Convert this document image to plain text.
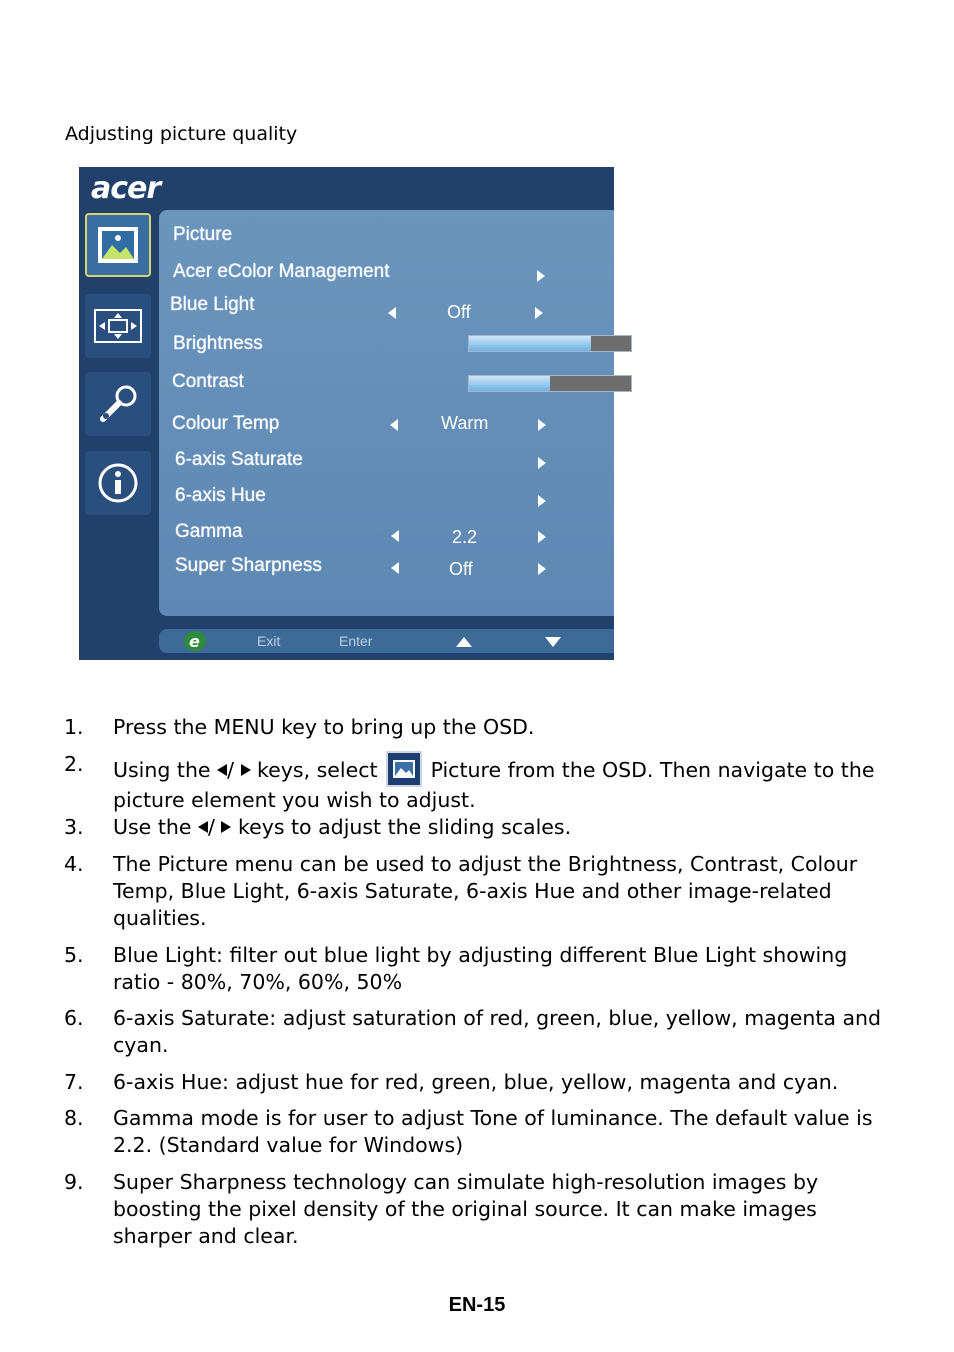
Adjusting picture quality
acer
Picture
Acer eColor Management
Blue Light	Off
Brightness	70
Contrast	50
Colour Temp	Warm
6-axis Saturate
6-axis Hue
Gamma	2.2
Super Sharpness	Off
e	Exit	Enter
1. Press the MENU key to bring up the OSD.
2. Using the /  keys, select
Picture from the OSD. Then navigate to the picture element you wish to adjust.
3. Use the /  keys to adjust the sliding scales.
4. The Picture menu can be used to adjust the Brightness, Contrast, Colour Temp, Blue Light, 6-axis Saturate, 6-axis Hue and other image-related qualities.
5. Blue Light: filter out blue light by adjusting different Blue Light showing ratio - 80%, 70%, 60%, 50%
6. 6-axis Saturate: adjust saturation of red, green, blue, yellow, magenta and cyan.
7. 6-axis Hue: adjust hue for red, green, blue, yellow, magenta and cyan.
8. Gamma mode is for user to adjust Tone of luminance. The default value is 2.2. (Standard value for Windows)
9. Super Sharpness technology can simulate high-resolution images by boosting the pixel density of the original source. It can make images sharper and clear.
EN-15
